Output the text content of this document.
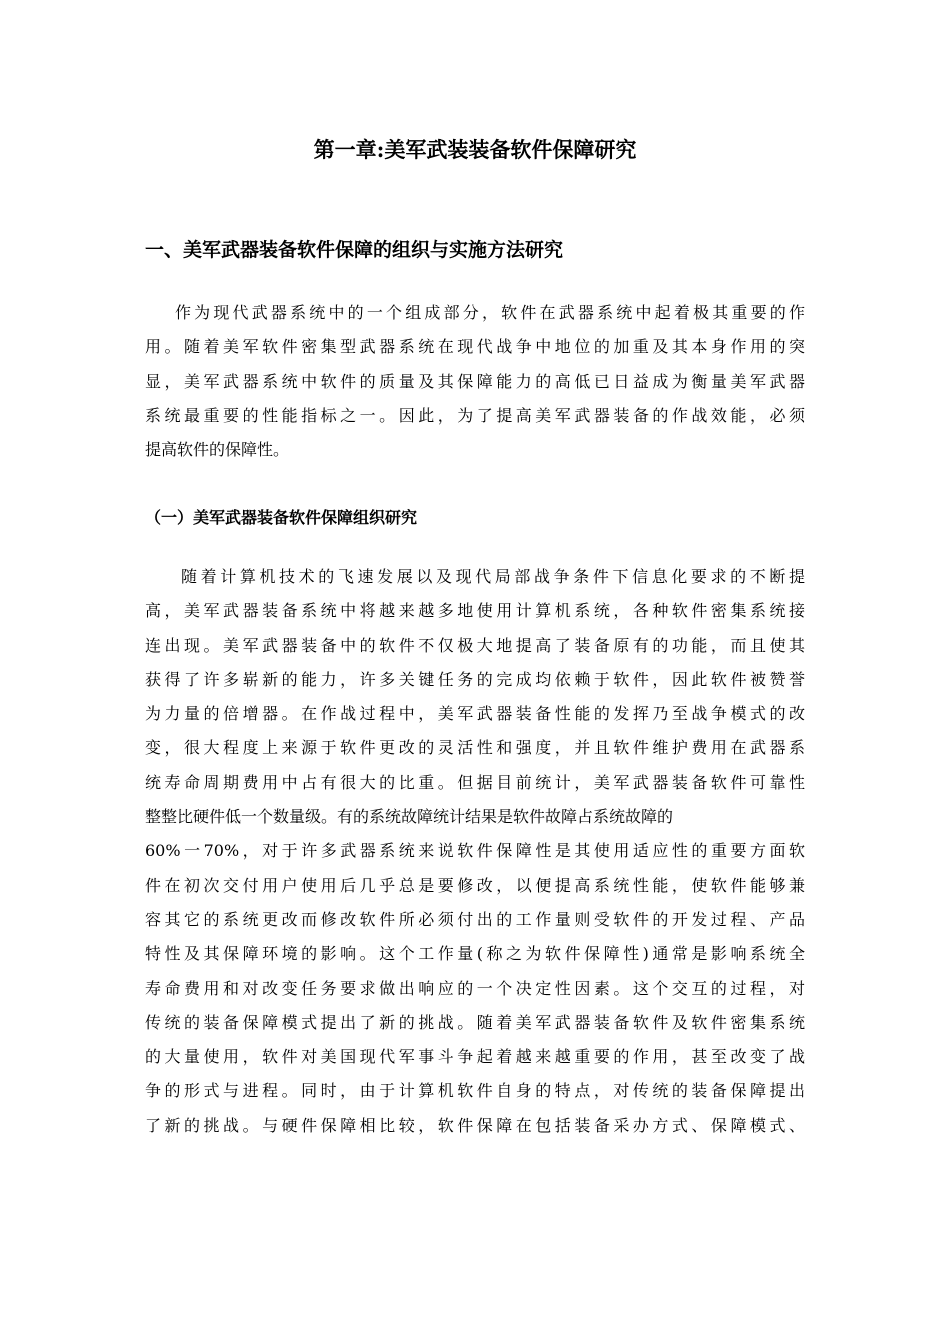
第一章:美军武装装备软件保障研究
一、美军武器装备软件保障的组织与实施方法研究
作为现代武器系统中的一个组成部分，软件在武器系统中起着极其重要的作
用。随着美军软件密集型武器系统在现代战争中地位的加重及其本身作用的突
显，美军武器系统中软件的质量及其保障能力的高低已日益成为衡量美军武器
系统最重要的性能指标之一。因此，为了提高美军武器装备的作战效能，必须
提高软件的保障性。
（一）美军武器装备软件保障组织研究
随着计算机技术的飞速发展以及现代局部战争条件下信息化要求的不断提
高，美军武器装备系统中将越来越多地使用计算机系统，各种软件密集系统接
连出现。美军武器装备中的软件不仅极大地提高了装备原有的功能，而且使其
获得了许多崭新的能力，许多关键任务的完成均依赖于软件，因此软件被赞誉
为力量的倍增器。在作战过程中，美军武器装备性能的发挥乃至战争模式的改
变，很大程度上来源于软件更改的灵活性和强度，并且软件维护费用在武器系
统寿命周期费用中占有很大的比重。但据目前统计，美军武器装备软件可靠性
整整比硬件低一个数量级。有的系统故障统计结果是软件故障占系统故障的
60%一70%，对于许多武器系统来说软件保障性是其使用适应性的重要方面软
件在初次交付用户使用后几乎总是要修改，以便提高系统性能，使软件能够兼
容其它的系统更改而修改软件所必须付出的工作量则受软件的开发过程、产品
特性及其保障环境的影响。这个工作量(称之为软件保障性)通常是影响系统全
寿命费用和对改变任务要求做出响应的一个决定性因素。这个交互的过程，对
传统的装备保障模式提出了新的挑战。随着美军武器装备软件及软件密集系统
的大量使用，软件对美国现代军事斗争起着越来越重要的作用，甚至改变了战
争的形式与进程。同时，由于计算机软件自身的特点，对传统的装备保障提出
了新的挑战。与硬件保障相比较，软件保障在包括装备采办方式、保障模式、
